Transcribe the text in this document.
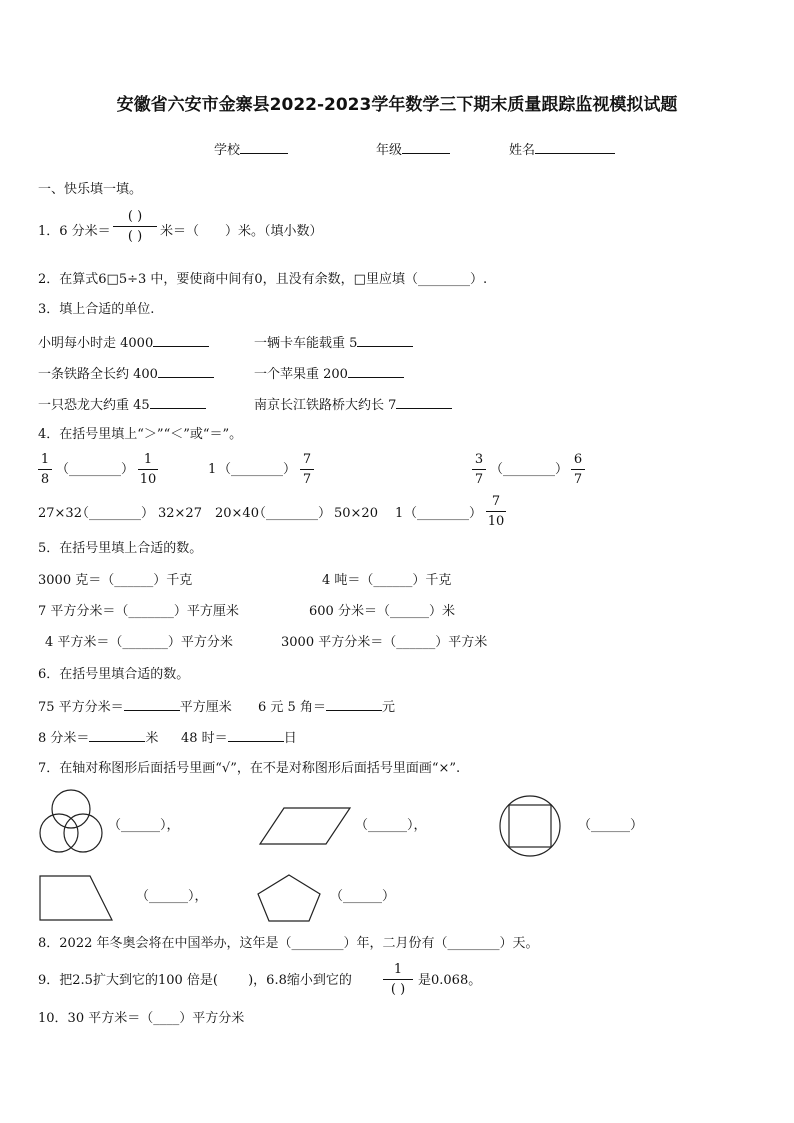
安徽省六安市金寨县2022-2023学年数学三下期末质量跟踪监视模拟试题
学校	年级	姓名
一、快乐填一填。
1．6 分米＝
( )
( ) 米＝（　　）米。（填小数）
2．在算式6□5÷3 中，要使商中间有0，且没有余数，□里应填（________）.
3．填上合适的单位.
小明每小时走 4000	一辆卡车能载重 5
一条铁路全长约 400	一个苹果重 200
一只恐龙大约重 45	南京长江铁路桥大约长 7
4．在括号里填上“＞”“＜”或“＝”。
1
8
（________）
1
10
1 （________）
7
7
3
7
（________）
6
7
27×32
（________） 32×27 20×40
（________） 50×20 1 （________）
7
10
5．在括号里填上合适的数。
3000 克＝（______）千克	4 吨＝（______）千克
7 平方分米＝（_______）平方厘米	600 分米＝（______）米
4 平方米＝（_______）平方分米	3000 平方分米＝（______）平方米
6．在括号里填合适的数。
75 平方分米＝	平方厘米 6 元 5 角＝	元
8 分米＝	米 48 时＝	日
7．在轴对称图形后面括号里画“√”，在不是对称图形后面括号里面画“×”.
（______），	（______），	（______）
（______），	（______）
8．2022 年冬奥会将在中国举办，这年是（________）年，二月份有（________）天。
9．把2.5扩大到它的100 倍是(　　 )，6.8缩小到它的
1
( )
是0.068。
10．30 平方米＝（____）平方分米
